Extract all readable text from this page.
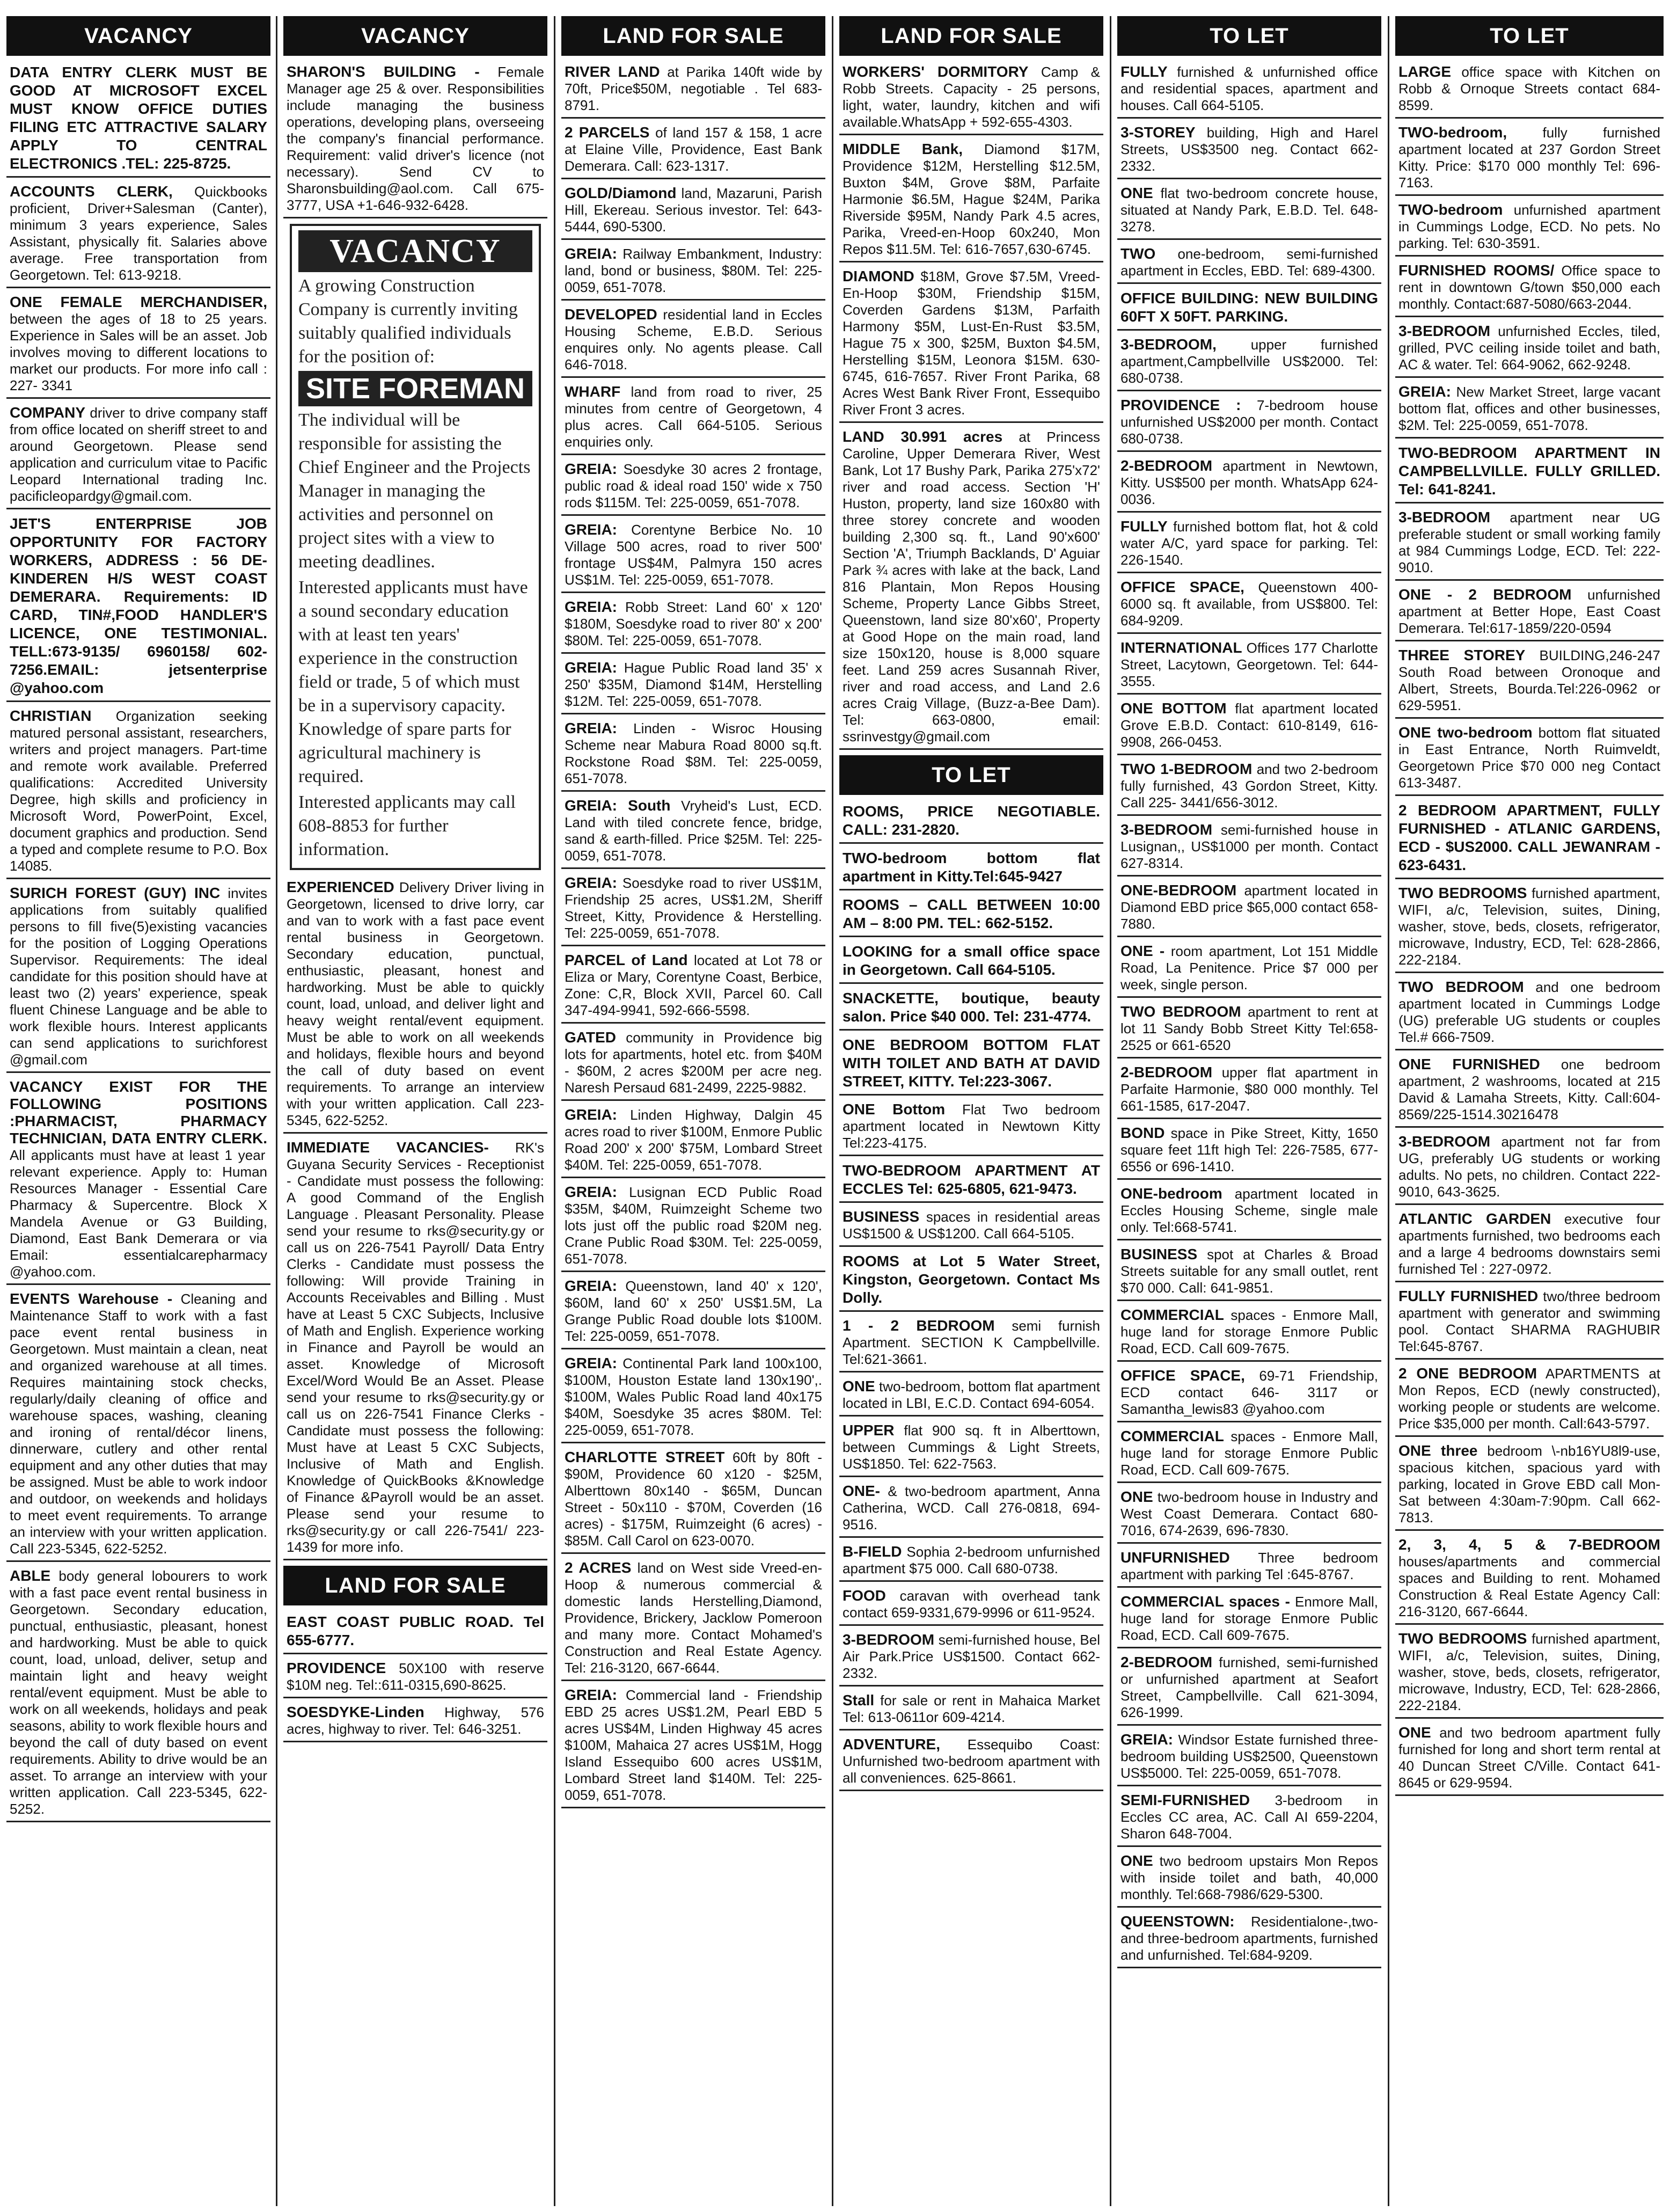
VACANCY
DATA ENTRY CLERK MUST BE GOOD AT MICROSOFT EXCEL MUST KNOW OFFICE DUTIES FILING ETC ATTRACTIVE SALARY APPLY TO CENTRAL ELECTRONICS .TEL: 225-8725.
ACCOUNTS CLERK, Quickbooks proficient, Driver+Salesman (Canter), minimum 3 years experience, Sales Assistant, physically fit. Salaries above average. Free transportation from Georgetown. Tel: 613-9218.
ONE FEMALE MERCHANDISER, between the ages of 18 to 25 years. Experience in Sales will be an asset. Job involves moving to different locations to market our products. For more info call : 227- 3341
COMPANY driver to drive company staff from office located on sheriff street to and around Georgetown. Please send application and curriculum vitae to Pacific Leopard International trading Inc. pacificleopardgy@gmail.com.
JET'S ENTERPRISE JOB OPPORTUNITY FOR FACTORY WORKERS, ADDRESS : 56 DE-KINDEREN H/S WEST COAST DEMERARA. Requirements: ID CARD, TIN#,FOOD HANDLER'S LICENCE, ONE TESTIMONIAL. TELL:673-9135/ 6960158/ 602-7256.EMAIL: jetsenterprise @yahoo.com
CHRISTIAN Organization seeking matured personal assistant, researchers, writers and project managers. Part-time and remote work available. Preferred qualifications: Accredited University Degree, high skills and proficiency in Microsoft Word, PowerPoint, Excel, document graphics and production. Send a typed and complete resume to P.O. Box 14085.
SURICH FOREST (GUY) INC invites applications from suitably qualified persons to fill five(5)existing vacancies for the position of Logging Operations Supervisor. Requirements: The ideal candidate for this position should have at least two (2) years' experience, speak fluent Chinese Language and be able to work flexible hours. Interest applicants can send applications to surichforest @gmail.com
VACANCY EXIST FOR THE FOLLOWING POSITIONS :PHARMACIST, PHARMACY TECHNICIAN, DATA ENTRY CLERK. All applicants must have at least 1 year relevant experience. Apply to: Human Resources Manager - Essential Care Pharmacy & Supercentre. Block X Mandela Avenue or G3 Building, Diamond, East Bank Demerara or via Email: essentialcarepharmacy @yahoo.com.
EVENTS Warehouse - Cleaning and Maintenance Staff to work with a fast pace event rental business in Georgetown. Must maintain a clean, neat and organized warehouse at all times. Requires maintaining stock checks, regularly/daily cleaning of office and warehouse spaces, washing, cleaning and ironing of rental/décor linens, dinnerware, cutlery and other rental equipment and any other duties that may be assigned. Must be able to work indoor and outdoor, on weekends and holidays to meet event requirements. To arrange an interview with your written application. Call 223-5345, 622-5252.
ABLE body general lobourers to work with a fast pace event rental business in Georgetown. Secondary education, punctual, enthusiastic, pleasant, honest and hardworking. Must be able to quick count, load, unload, deliver, setup and maintain light and heavy weight rental/event equipment. Must be able to work on all weekends, holidays and peak seasons, ability to work flexible hours and beyond the call of duty based on event requirements. Ability to drive would be an asset. To arrange an interview with your written application. Call 223-5345, 622-5252.
VACANCY
SHARON'S BUILDING - Female Manager age 25 & over. Responsibilities include managing the business operations, developing plans, overseeing the company's financial performance. Requirement: valid driver's licence (not necessary). Send CV to Sharonsbuilding@aol.com. Call 675-3777, USA +1-646-932-6428.
VACANCY

A growing Construction Company is currently inviting suitably qualified individuals for the position of:

SITE FOREMAN

The individual will be responsible for assisting the Chief Engineer and the Projects Manager in managing the activities and personnel on project sites with a view to meeting deadlines.

Interested applicants must have a sound secondary education with at least ten years' experience in the construction field or trade, 5 of which must be in a supervisory capacity. Knowledge of spare parts for agricultural machinery is required.

Interested applicants may call 608-8853 for further information.

EXPERIENCED Delivery Driver living in Georgetown, licensed to drive lorry, car and van to work with a fast pace event rental business in Georgetown. Secondary education, punctual, enthusiastic, pleasant, honest and hardworking. Must be able to quickly count, load, unload, and deliver light and heavy weight rental/event equipment. Must be able to work on all weekends and holidays, flexible hours and beyond the call of duty based on event requirements. To arrange an interview with your written application. Call 223-5345, 622-5252.
IMMEDIATE VACANCIES- RK's Guyana Security Services - Receptionist - Candidate must possess the following: A good Command of the English Language . Pleasant Personality. Please send your resume to rks@security.gy or call us on 226-7541 Payroll/ Data Entry Clerks - Candidate must possess the following: Will provide Training in Accounts Receivables and Billing . Must have at Least 5 CXC Subjects, Inclusive of Math and English. Experience working in Finance and Payroll be would an asset. Knowledge of Microsoft Excel/Word Would Be an Asset. Please send your resume to rks@security.gy or call us on 226-7541 Finance Clerks - Candidate must possess the following: Must have at Least 5 CXC Subjects, Inclusive of Math and English. Knowledge of QuickBooks &Knowledge of Finance &Payroll would be an asset. Please send your resume to rks@security.gy or call 226-7541/ 223-1439 for more info.
LAND FOR SALE
EAST COAST PUBLIC ROAD. Tel 655-6777.
PROVIDENCE 50X100 with reserve $10M neg. Tel::611-0315,690-8625.
SOESDYKE-Linden Highway, 576 acres, highway to river. Tel: 646-3251.
LAND FOR SALE
RIVER LAND at Parika 140ft wide by 70ft, Price$50M, negotiable . Tel 683-8791.
2 PARCELS of land 157 & 158, 1 acre at Elaine Ville, Providence, East Bank Demerara. Call: 623-1317.
GOLD/Diamond land, Mazaruni, Parish Hill, Ekereau. Serious investor. Tel: 643-5444, 690-5300.
GREIA: Railway Embankment, Industry: land, bond or business, $80M. Tel: 225-0059, 651-7078.
DEVELOPED residential land in Eccles Housing Scheme, E.B.D. Serious enquires only. No agents please. Call 646-7018.
WHARF land from road to river, 25 minutes from centre of Georgetown, 4 plus acres. Call 664-5105. Serious enquiries only.
GREIA: Soesdyke 30 acres 2 frontage, public road & ideal road 150' wide x 750 rods $115M. Tel: 225-0059, 651-7078.
GREIA: Corentyne Berbice No. 10 Village 500 acres, road to river 500' frontage US$4M, Palmyra 150 acres US$1M. Tel: 225-0059, 651-7078.
GREIA: Robb Street: Land 60' x 120' $180M, Soesdyke road to river 80' x 200' $80M. Tel: 225-0059, 651-7078.
GREIA: Hague Public Road land 35' x 250' $35M, Diamond $14M, Herstelling $12M. Tel: 225-0059, 651-7078.
GREIA: Linden - Wisroc Housing Scheme near Mabura Road 8000 sq.ft. Rockstone Road $8M. Tel: 225-0059, 651-7078.
GREIA: South Vryheid's Lust, ECD. Land with tiled concrete fence, bridge, sand & earth-filled. Price $25M. Tel: 225-0059, 651-7078.
GREIA: Soesdyke road to river US$1M, Friendship 25 acres, US$1.2M, Sheriff Street, Kitty, Providence & Herstelling. Tel: 225-0059, 651-7078.
PARCEL of Land located at Lot 78 or Eliza or Mary, Corentyne Coast, Berbice, Zone: C,R, Block XVII, Parcel 60. Call 347-494-9941, 592-666-5598.
GATED community in Providence big lots for apartments, hotel etc. from $40M - $60M, 2 acres $200M per acre neg. Naresh Persaud 681-2499, 2225-9882.
GREIA: Linden Highway, Dalgin 45 acres road to river $100M, Enmore Public Road 200' x 200' $75M, Lombard Street $40M. Tel: 225-0059, 651-7078.
GREIA: Lusignan ECD Public Road $35M, $40M, Ruimzeight Scheme two lots just off the public road $20M neg. Crane Public Road $30M. Tel: 225-0059, 651-7078.
GREIA: Queenstown, land 40' x 120', $60M, land 60' x 250' US$1.5M, La Grange Public Road double lots $100M. Tel: 225-0059, 651-7078.
GREIA: Continental Park land 100x100, $100M, Houston Estate land 130x190',. $100M, Wales Public Road land 40x175 $40M, Soesdyke 35 acres $80M. Tel: 225-0059, 651-7078.
CHARLOTTE STREET 60ft by 80ft - $90M, Providence 60 x120 - $25M, Alberttown 80x140 - $65M, Duncan Street - 50x110 - $70M, Coverden (16 acres) - $175M, Ruimzeight (6 acres) - $85M. Call Carol on 623-0070.
2 ACRES land on West side Vreed-en-Hoop & numerous commercial & domestic lands Herstelling,Diamond, Providence, Brickery, Jacklow Pomeroon and many more. Contact Mohamed's Construction and Real Estate Agency. Tel: 216-3120, 667-6644.
GREIA: Commercial land - Friendship EBD 25 acres US$1.2M, Pearl EBD 5 acres US$4M, Linden Highway 45 acres $100M, Mahaica 27 acres US$1M, Hogg Island Essequibo 600 acres US$1M, Lombard Street land $140M. Tel: 225-0059, 651-7078.
LAND FOR SALE
WORKERS' DORMITORY Camp & Robb Streets. Capacity - 25 persons, light, water, laundry, kitchen and wifi available.WhatsApp + 592-655-4303.
MIDDLE Bank, Diamond $17M, Providence $12M, Herstelling $12.5M, Buxton $4M, Grove $8M, Parfaite Harmonie $6.5M, Hague $24M, Parika Riverside $95M, Nandy Park 4.5 acres, Parika, Vreed-en-Hoop 60x240, Mon Repos $11.5M. Tel: 616-7657,630-6745.
DIAMOND $18M, Grove $7.5M, Vreed-En-Hoop $30M, Friendship $15M, Coverden Gardens $13M, Parfaith Harmony $5M, Lust-En-Rust $3.5M, Hague 75 x 300, $25M, Buxton $4.5M, Herstelling $15M, Leonora $15M. 630-6745, 616-7657. River Front Parika, 68 Acres West Bank River Front, Essequibo River Front 3 acres.
LAND 30.991 acres at Princess Caroline, Upper Demerara River, West Bank, Lot 17 Bushy Park, Parika 275'x72' river and road access. Section 'H' Huston, property, land size 160x80 with three storey concrete and wooden building 2,300 sq. ft., Land 90'x600' Section 'A', Triumph Backlands, D' Aguiar Park ¾ acres with lake at the back, Land 816 Plantain, Mon Repos Housing Scheme, Property Lance Gibbs Street, Queenstown, land size 80'x60', Property at Good Hope on the main road, land size 150x120, house is 8,000 square feet. Land 259 acres Susannah River, river and road access, and Land 2.6 acres Craig Village, (Buzz-a-Bee Dam). Tel: 663-0800, email: ssrinvestgy@gmail.com
TO LET
ROOMS, PRICE NEGOTIABLE. CALL: 231-2820.
TWO-bedroom bottom flat apartment in Kitty.Tel:645-9427
ROOMS – CALL BETWEEN 10:00 AM – 8:00 PM. TEL: 662-5152.
LOOKING for a small office space in Georgetown. Call 664-5105.
SNACKETTE, boutique, beauty salon. Price $40 000. Tel: 231-4774.
ONE BEDROOM BOTTOM FLAT WITH TOILET AND BATH AT DAVID STREET, KITTY. Tel:223-3067.
ONE Bottom Flat Two bedroom apartment located in Newtown Kitty Tel:223-4175.
TWO-BEDROOM APARTMENT AT ECCLES Tel: 625-6805, 621-9473.
BUSINESS spaces in residential areas US$1500 & US$1200. Call 664-5105.
ROOMS at Lot 5 Water Street, Kingston, Georgetown. Contact Ms Dolly.
1 - 2 BEDROOM semi furnish Apartment. SECTION K Campbellville. Tel:621-3661.
ONE two-bedroom, bottom flat apartment located in LBI, E.C.D. Contact 694-6054.
UPPER flat 900 sq. ft in Alberttown, between Cummings & Light Streets, US$1850. Tel: 622-7563.
ONE- & two-bedroom apartment, Anna Catherina, WCD. Call 276-0818, 694-9516.
B-FIELD Sophia 2-bedroom unfurnished apartment $75 000. Call 680-0738.
FOOD caravan with overhead tank contact 659-9331,679-9996 or 611-9524.
3-BEDROOM semi-furnished house, Bel Air Park.Price US$1500. Contact 662-2332.
Stall for sale or rent in Mahaica Market Tel: 613-0611or 609-4214.
ADVENTURE, Essequibo Coast: Unfurnished two-bedroom apartment with all conveniences. 625-8661.
TO LET
FULLY furnished & unfurnished office and residential spaces, apartment and houses. Call 664-5105.
3-STOREY building, High and Harel Streets, US$3500 neg. Contact 662-2332.
ONE flat two-bedroom concrete house, situated at Nandy Park, E.B.D. Tel. 648-3278.
TWO one-bedroom, semi-furnished apartment in Eccles, EBD. Tel: 689-4300.
OFFICE BUILDING: NEW BUILDING 60FT X 50FT. PARKING.
3-BEDROOM, upper furnished apartment,Campbellville US$2000. Tel: 680-0738.
PROVIDENCE : 7-bedroom house unfurnished US$2000 per month. Contact 680-0738.
2-BEDROOM apartment in Newtown, Kitty. US$500 per month. WhatsApp 624-0036.
FULLY furnished bottom flat, hot & cold water A/C, yard space for parking. Tel: 226-1540.
OFFICE SPACE, Queenstown 400-6000 sq. ft available, from US$800. Tel: 684-9209.
INTERNATIONAL Offices 177 Charlotte Street, Lacytown, Georgetown. Tel: 644-3555.
ONE BOTTOM flat apartment located Grove E.B.D. Contact: 610-8149, 616-9908, 266-0453.
TWO 1-BEDROOM and two 2-bedroom fully furnished, 43 Gordon Street, Kitty. Call 225- 3441/656-3012.
3-BEDROOM semi-furnished house in Lusignan,, US$1000 per month. Contact 627-8314.
ONE-BEDROOM apartment located in Diamond EBD price $65,000 contact 658-7880.
ONE - room apartment, Lot 151 Middle Road, La Penitence. Price $7 000 per week, single person.
TWO BEDROOM apartment to rent at lot 11 Sandy Bobb Street Kitty Tel:658-2525 or 661-6520
2-BEDROOM upper flat apartment in Parfaite Harmonie, $80 000 monthly. Tel 661-1585, 617-2047.
BOND space in Pike Street, Kitty, 1650 square feet 11ft high Tel: 226-7585, 677-6556 or 696-1410.
ONE-bedroom apartment located in Eccles Housing Scheme, single male only. Tel:668-5741.
BUSINESS spot at Charles & Broad Streets suitable for any small outlet, rent $70 000. Call: 641-9851.
COMMERCIAL spaces - Enmore Mall, huge land for storage Enmore Public Road, ECD. Call 609-7675.
OFFICE SPACE, 69-71 Friendship, ECD contact 646- 3117 or Samantha_lewis83 @yahoo.com
COMMERCIAL spaces - Enmore Mall, huge land for storage Enmore Public Road, ECD. Call 609-7675.
ONE two-bedroom house in Industry and West Coast Demerara. Contact 680-7016, 674-2639, 696-7830.
UNFURNISHED Three bedroom apartment with parking Tel :645-8767.
COMMERCIAL spaces - Enmore Mall, huge land for storage Enmore Public Road, ECD. Call 609-7675.
2-BEDROOM furnished, semi-furnished or unfurnished apartment at Seafort Street, Campbellville. Call 621-3094, 626-1999.
GREIA: Windsor Estate furnished three-bedroom building US$2500, Queenstown US$5000. Tel: 225-0059, 651-7078.
SEMI-FURNISHED 3-bedroom in Eccles CC area, AC. Call AI 659-2204, Sharon 648-7004.
ONE two bedroom upstairs Mon Repos with inside toilet and bath, 40,000 monthly. Tel:668-7986/629-5300.
QUEENSTOWN: Residentialone-,two-and three-bedroom apartments, furnished and unfurnished. Tel:684-9209.
TO LET
LARGE office space with Kitchen on Robb & Ornoque Streets contact 684-8599.
TWO-bedroom, fully furnished apartment located at 237 Gordon Street Kitty. Price: $170 000 monthly Tel: 696-7163.
TWO-bedroom unfurnished apartment in Cummings Lodge, ECD. No pets. No parking. Tel: 630-3591.
FURNISHED ROOMS/ Office space to rent in downtown G/town $50,000 each monthly. Contact:687-5080/663-2044.
3-BEDROOM unfurnished Eccles, tiled, grilled, PVC ceiling inside toilet and bath, AC & water. Tel: 664-9062, 662-9248.
GREIA: New Market Street, large vacant bottom flat, offices and other businesses, $2M. Tel: 225-0059, 651-7078.
TWO-BEDROOM APARTMENT IN CAMPBELLVILLE. FULLY GRILLED. Tel: 641-8241.
3-BEDROOM apartment near UG preferable student or small working family at 984 Cummings Lodge, ECD. Tel: 222-9010.
ONE - 2 BEDROOM unfurnished apartment at Better Hope, East Coast Demerara. Tel:617-1859/220-0594
THREE STOREY BUILDING,246-247 South Road between Oronoque and Albert, Streets, Bourda.Tel:226-0962 or 629-5951.
ONE two-bedroom bottom flat situated in East Entrance, North Ruimveldt, Georgetown Price $70 000 neg Contact 613-3487.
2 BEDROOM APARTMENT, FULLY FURNISHED - ATLANIC GARDENS, ECD - $US2000. CALL JEWANRAM - 623-6431.
TWO BEDROOMS furnished apartment, WIFI, a/c, Television, suites, Dining, washer, stove, beds, closets, refrigerator, microwave, Industry, ECD, Tel: 628-2866, 222-2184.
TWO BEDROOM and one bedroom apartment located in Cummings Lodge (UG) preferable UG students or couples Tel.# 666-7509.
ONE FURNISHED one bedroom apartment, 2 washrooms, located at 215 David & Lamaha Streets, Kitty. Call:604-8569/225-1514.30216478
3-BEDROOM apartment not far from UG, preferably UG students or working adults. No pets, no children. Contact 222-9010, 643-3625.
ATLANTIC GARDEN executive four apartments furnished, two bedrooms each and a large 4 bedrooms downstairs semi furnished Tel : 227-0972.
FULLY FURNISHED two/three bedroom apartment with generator and swimming pool. Contact SHARMA RAGHUBIR Tel:645-8767.
2 ONE BEDROOM APARTMENTS at Mon Repos, ECD (newly constructed), working people or students are welcome. Price $35,000 per month. Call:643-5797.
ONE three bedroom \-nb16YU8l9-use, spacious kitchen, spacious yard with parking, located in Grove EBD call Mon-Sat between 4:30am-7:90pm. Call 662-7813.
2, 3, 4, 5 & 7-BEDROOM houses/apartments and commercial spaces and Building to rent. Mohamed Construction & Real Estate Agency Call: 216-3120, 667-6644.
TWO BEDROOMS furnished apartment, WIFI, a/c, Television, suites, Dining, washer, stove, beds, closets, refrigerator, microwave, Industry, ECD, Tel: 628-2866, 222-2184.
ONE and two bedroom apartment fully furnished for long and short term rental at 40 Duncan Street C/Ville. Contact 641-8645 or 629-9594.
